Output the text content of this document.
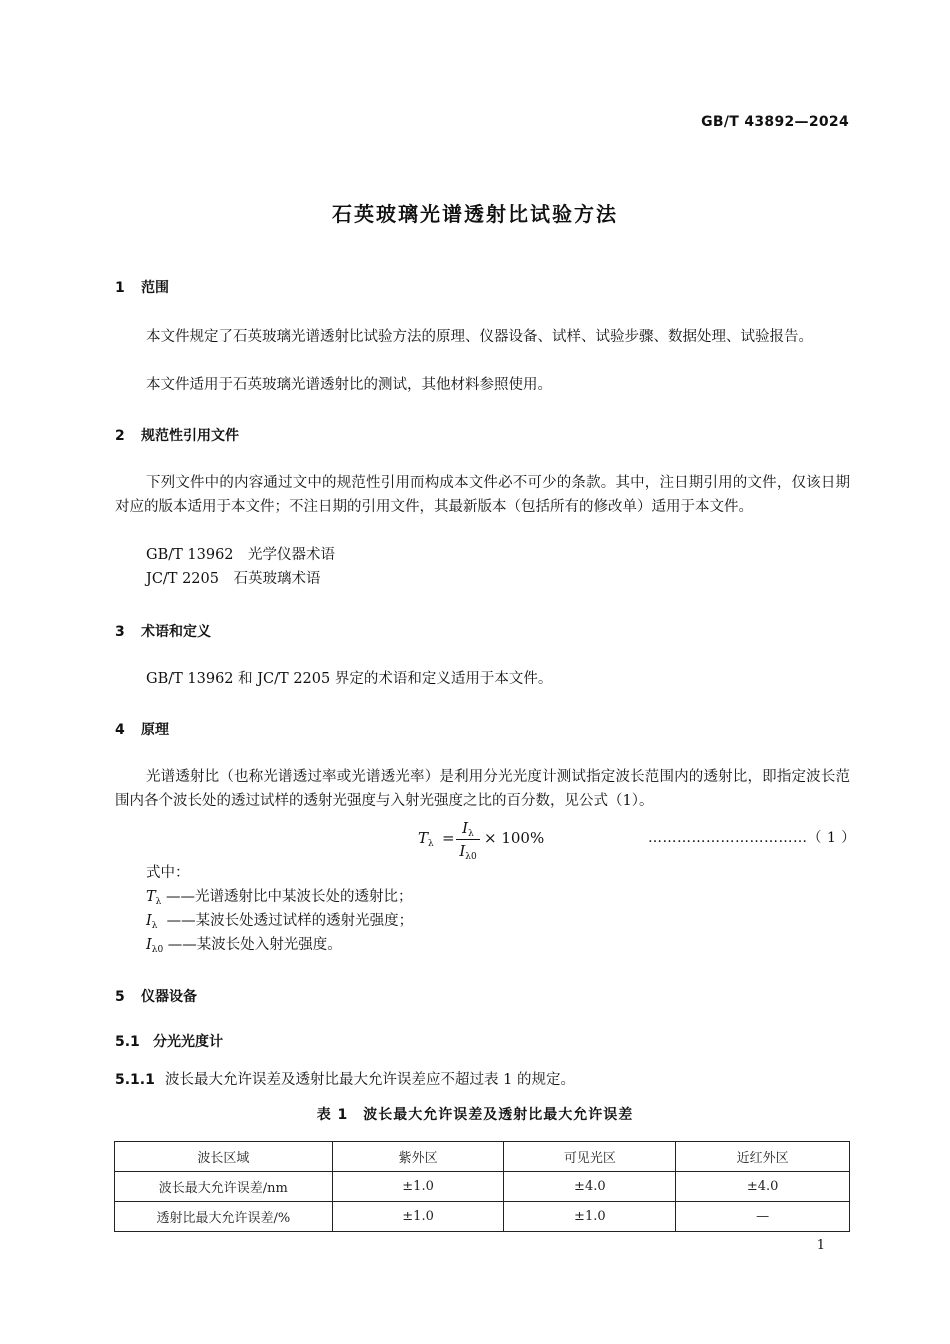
GB/T 43892—2024
石英玻璃光谱透射比试验方法
1 范围
本文件规定了石英玻璃光谱透射比试验方法的原理、仪器设备、试样、试验步骤、数据处理、试验报告。
本文件适用于石英玻璃光谱透射比的测试，其他材料参照使用。
2 规范性引用文件
下列文件中的内容通过文中的规范性引用而构成本文件必不可少的条款。其中，注日期引用的文件，仅该日期对应的版本适用于本文件；不注日期的引用文件，其最新版本（包括所有的修改单）适用于本文件。
GB/T 13962　光学仪器术语
JC/T 2205　石英玻璃术语
3 术语和定义
GB/T 13962 和 JC/T 2205 界定的术语和定义适用于本文件。
4 原理
光谱透射比（也称光谱透过率或光谱透光率）是利用分光光度计测试指定波长范围内的透射比，即指定波长范围内各个波长处的透过试样的透射光强度与入射光强度之比的百分数，见公式（1）。
$T_\lambda$ =
$I_\lambda$
$I_{\lambda 0}$
× 100%	……………………………（ 1 ）
式中：
$T_\lambda$ ——光谱透射比中某波长处的透射比；
$I_\lambda$ ——某波长处透过试样的透射光强度；
$I_{\lambda 0}$ ——某波长处入射光强度。
5 仪器设备
5.1 分光光度计
5.1.1 波长最大允许误差及透射比最大允许误差应不超过表 1 的规定。
表 1　波长最大允许误差及透射比最大允许误差
波长区域	紫外区	可见光区	近红外区
波长最大允许误差/nm	±1.0	±4.0	±4.0
透射比最大允许误差/%	±1.0	±1.0	—
1
